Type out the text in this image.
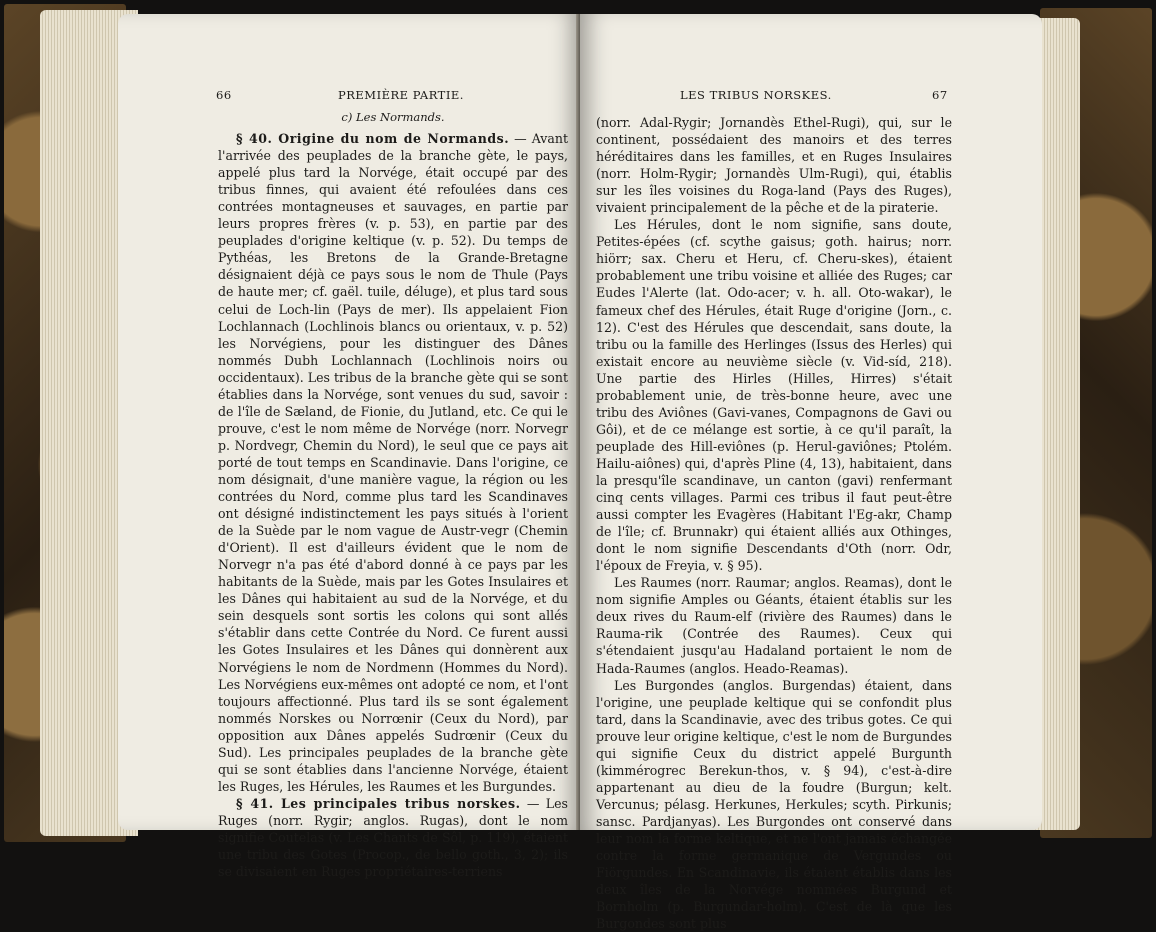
66	PREMIÈRE PARTIE.

c) Les Normands.

§ 40. Origine du nom de Normands. — Avant l'arrivée des peuplades de la branche gète, le pays, appelé plus tard la Norvége, était occupé par des tribus finnes, qui avaient été refoulées dans ces contrées montagneuses et sauvages, en partie par leurs propres frères (v. p. 53), en partie par des peuplades d'origine keltique (v. p. 52). Du temps de Pythéas, les Bretons de la Grande-Bretagne désignaient déjà ce pays sous le nom de Thule (Pays de haute mer; cf. gaël. tuile, déluge), et plus tard sous celui de Loch-lin (Pays de mer). Ils appelaient Fion Lochlannach (Lochlinois blancs ou orientaux, v. p. 52) les Norvégiens, pour les distinguer des Dânes nommés Dubh Lochlannach (Lochlinois noirs ou occidentaux). Les tribus de la branche gète qui se sont établies dans la Norvége, sont venues du sud, savoir : de l'île de Sæland, de Fionie, du Jutland, etc. Ce qui le prouve, c'est le nom même de Norvége (norr. Norvegr p. Nordvegr, Chemin du Nord), le seul que ce pays ait porté de tout temps en Scandinavie. Dans l'origine, ce nom désignait, d'une manière vague, la région ou les contrées du Nord, comme plus tard les Scandinaves ont désigné indistinctement les pays situés à l'orient de la Suède par le nom vague de Austr-vegr (Chemin d'Orient). Il est d'ailleurs évident que le nom de Norvegr n'a pas été d'abord donné à ce pays par les habitants de la Suède, mais par les Gotes Insulaires et les Dânes qui habitaient au sud de la Norvége, et du sein desquels sont sortis les colons qui sont allés s'établir dans cette Contrée du Nord. Ce furent aussi les Gotes Insulaires et les Dânes qui donnèrent aux Norvégiens le nom de Nordmenn (Hommes du Nord). Les Norvégiens eux-mêmes ont adopté ce nom, et l'ont toujours affectionné. Plus tard ils se sont également nommés Norskes ou Norrœnir (Ceux du Nord), par opposition aux Dânes appelés Sudrœnir (Ceux du Sud). Les principales peuplades de la branche gète qui se sont établies dans l'ancienne Norvége, étaient les Ruges, les Hérules, les Raumes et les Burgundes.

§ 41. Les principales tribus norskes. — Les Ruges (norr. Rygir; anglos. Rugas), dont le nom signifie Coutelas (v. Les Chants de Sôl, p. 119), étaient une tribu des Gotes (Procop., de bello goth., 3, 2); ils se divisaient en Ruges propriétaires-terriens

LES TRIBUS NORSKES.	67

(norr. Adal-Rygir; Jornandès Ethel-Rugi), qui, sur le continent, possédaient des manoirs et des terres héréditaires dans les familles, et en Ruges Insulaires (norr. Holm-Rygir; Jornandès Ulm-Rugi), qui, établis sur les îles voisines du Roga-land (Pays des Ruges), vivaient principalement de la pêche et de la piraterie.

Les Hérules, dont le nom signifie, sans doute, Petites-épées (cf. scythe gaisus; goth. hairus; norr. hiörr; sax. Cheru et Heru, cf. Cheru-skes), étaient probablement une tribu voisine et alliée des Ruges; car Eudes l'Alerte (lat. Odo-acer; v. h. all. Oto-wakar), le fameux chef des Hérules, était Ruge d'origine (Jorn., c. 12). C'est des Hérules que descendait, sans doute, la tribu ou la famille des Herlinges (Issus des Herles) qui existait encore au neuvième siècle (v. Vid-síd, 218). Une partie des Hirles (Hilles, Hirres) s'était probablement unie, de très-bonne heure, avec une tribu des Aviônes (Gavi-vanes, Compagnons de Gavi ou Gôi), et de ce mélange est sortie, à ce qu'il paraît, la peuplade des Hill-eviônes (p. Herul-gaviônes; Ptolém. Hailu-aiônes) qui, d'après Pline (4, 13), habitaient, dans la presqu'île scandinave, un canton (gavi) renfermant cinq cents villages. Parmi ces tribus il faut peut-être aussi compter les Evagères (Habitant l'Eg-akr, Champ de l'île; cf. Brunnakr) qui étaient alliés aux Othinges, dont le nom signifie Descendants d'Oth (norr. Odr, l'époux de Freyia, v. § 95).

Les Raumes (norr. Raumar; anglos. Reamas), dont le nom signifie Amples ou Géants, étaient établis sur les deux rives du Raum-elf (rivière des Raumes) dans le Rauma-rik (Contrée des Raumes). Ceux qui s'étendaient jusqu'au Hadaland portaient le nom de Hada-Raumes (anglos. Heado-Reamas).

Les Burgondes (anglos. Burgendas) étaient, dans l'origine, une peuplade keltique qui se confondit plus tard, dans la Scandinavie, avec des tribus gotes. Ce qui prouve leur origine keltique, c'est le nom de Burgundes qui signifie Ceux du district appelé Burgunth (kimmérogrec Berekun-thos, v. § 94), c'est-à-dire appartenant au dieu de la foudre (Burgun; kelt. Vercunus; pélasg. Herkunes, Herkules; scyth. Pirkunis; sansc. Pardjanyas). Les Burgondes ont conservé dans leur nom la forme keltique, et ne l'ont jamais échangée contre la forme germanique de Vergundes ou Fiörgundes. En Scandinavie, ils étaient établis dans les deux îles de la Norvége nommées Burgund et Bornholm (p. Burgundar-holm). C'est de là que les Burgondes sont plus
